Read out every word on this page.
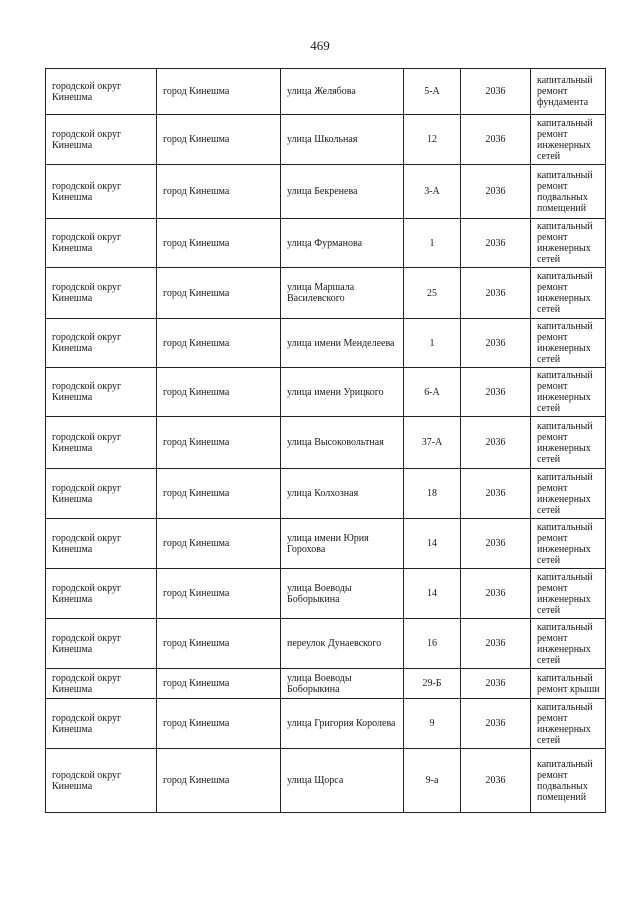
469
городской округ Кинешма	город Кинешма	улица Желябова	5-А	2036	капитальный ремонт фундамента

городской округ Кинешма	город Кинешма	улица Школьная	12	2036	капитальный ремонт инженерных сетей

городской округ Кинешма	город Кинешма	улица Бекренева	3-А	2036	капитальный ремонт подвальных помещений

городской округ Кинешма	город Кинешма	улица Фурманова	1	2036	капитальный ремонт инженерных сетей

городской округ Кинешма	город Кинешма	улица Маршала Василевского	25	2036	капитальный ремонт инженерных сетей

городской округ Кинешма	город Кинешма	улица имени Менделеева	1	2036	капитальный ремонт инженерных сетей

городской округ Кинешма	город Кинешма	улица имени Урицкого	6-А	2036	капитальный ремонт инженерных сетей

городской округ Кинешма	город Кинешма	улица Высоковольтная	37-А	2036	капитальный ремонт инженерных сетей

городской округ Кинешма	город Кинешма	улица Колхозная	18	2036	капитальный ремонт инженерных сетей

городской округ Кинешма	город Кинешма	улица имени Юрия Горохова	14	2036	капитальный ремонт инженерных сетей

городской округ Кинешма	город Кинешма	улица Воеводы Боборыкина	14	2036	капитальный ремонт инженерных сетей

городской округ Кинешма	город Кинешма	переулок Дунаевского	16	2036	капитальный ремонт инженерных сетей

городской округ Кинешма	город Кинешма	улица Воеводы Боборыкина	29-Б	2036	капитальный ремонт крыши

городской округ Кинешма	город Кинешма	улица Григория Королева	9	2036	капитальный ремонт инженерных сетей

городской округ Кинешма	город Кинешма	улица Щорса	9-а	2036	капитальный ремонт подвальных помещений
